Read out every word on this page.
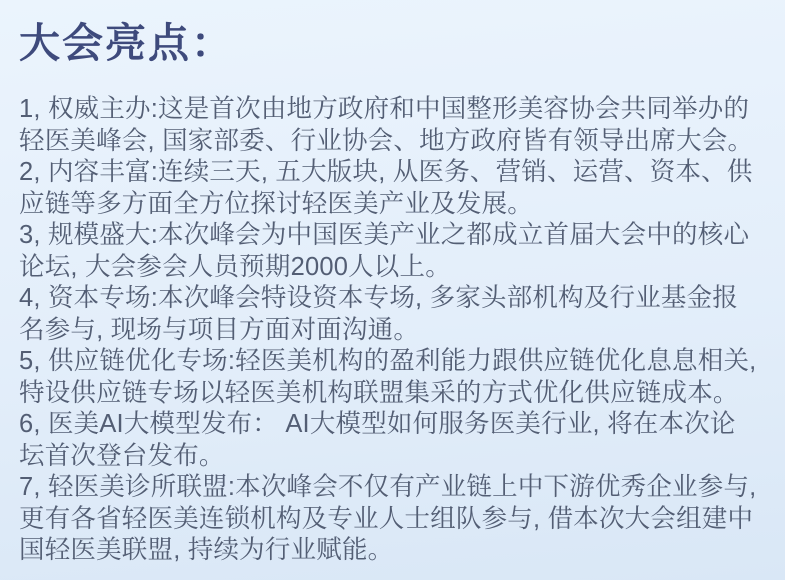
大会亮点：

1, 权威主办:这是首次由地方政府和中国整形美容协会共同举办的轻医美峰会, 国家部委、行业协会、地方政府皆有领导出席大会。

2, 内容丰富:连续三天, 五大版块, 从医务、营销、运营、资本、供应链等多方面全方位探讨轻医美产业及发展。

3, 规模盛大:本次峰会为中国医美产业之都成立首届大会中的核心论坛, 大会参会人员预期2000人以上。

4, 资本专场:本次峰会特设资本专场, 多家头部机构及行业基金报名参与, 现场与项目方面对面沟通。

5, 供应链优化专场:轻医美机构的盈利能力跟供应链优化息息相关, 特设供应链专场以轻医美机构联盟集采的方式优化供应链成本。

6, 医美AI大模型发布： AI大模型如何服务医美行业, 将在本次论坛首次登台发布。

7, 轻医美诊所联盟:本次峰会不仅有产业链上中下游优秀企业参与, 更有各省轻医美连锁机构及专业人士组队参与, 借本次大会组建中国轻医美联盟, 持续为行业赋能。
